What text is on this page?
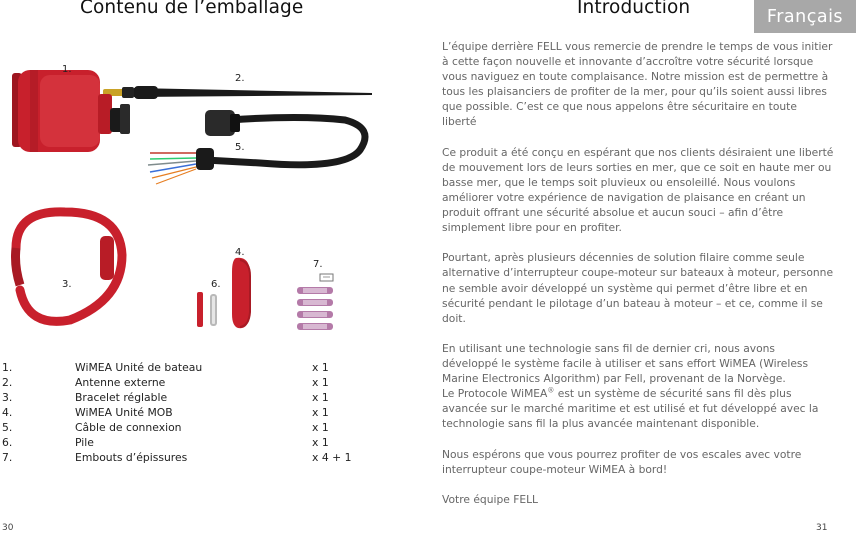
Contenu de l’emballage
1.
2.
5.
3.
4.
6.
7.
1.	WiMEA Unité de bateau	x 1
2.	Antenne externe	x 1
3.	Bracelet réglable	x 1
4.	WiMEA Unité MOB	x 1
5.	Câble de connexion	x 1
6.	Pile	x 1
7.	Embouts d’épissures	x 4 + 1
30
Introduction	Français

L’équipe derrière FELL vous remercie de prendre le temps de vous initier à cette façon nouvelle et innovante d’accroître votre sécurité lorsque vous naviguez en toute complaisance. Notre mission est de permettre à tous les plaisanciers de profiter de la mer, pour qu’ils soient aussi libres que possible. C’est ce que nous appelons être sécuritaire en toute liberté

Ce produit a été conçu en espérant que nos clients désiraient une liberté de mouvement lors de leurs sorties en mer, que ce soit en haute mer ou basse mer, que le temps soit pluvieux ou ensoleillé. Nous voulons améliorer votre expérience de navigation de plaisance en créant un produit offrant une sécurité absolue et aucun souci – afin d’être simplement libre pour en profiter.

Pourtant, après plusieurs décennies de solution filaire comme seule alternative d’interrupteur coupe-moteur sur bateaux à moteur, personne ne semble avoir développé un système qui permet d’être libre et en sécurité pendant le pilotage d’un bateau à moteur – et ce, comme il se doit.

En utilisant une technologie sans fil de dernier cri, nous avons développé le système facile à utiliser et sans effort WiMEA (Wireless Marine Electronics Algorithm) par Fell, provenant de la Norvège.

Le Protocole WiMEA® est un système de sécurité sans fil dès plus avancée sur le marché maritime et est utilisé et fut développé avec la technologie sans fil la plus avancée maintenant disponible.

Nous espérons que vous pourrez profiter de vos escales avec votre interrupteur coupe-moteur WiMEA à bord!

Votre équipe FELL

31
